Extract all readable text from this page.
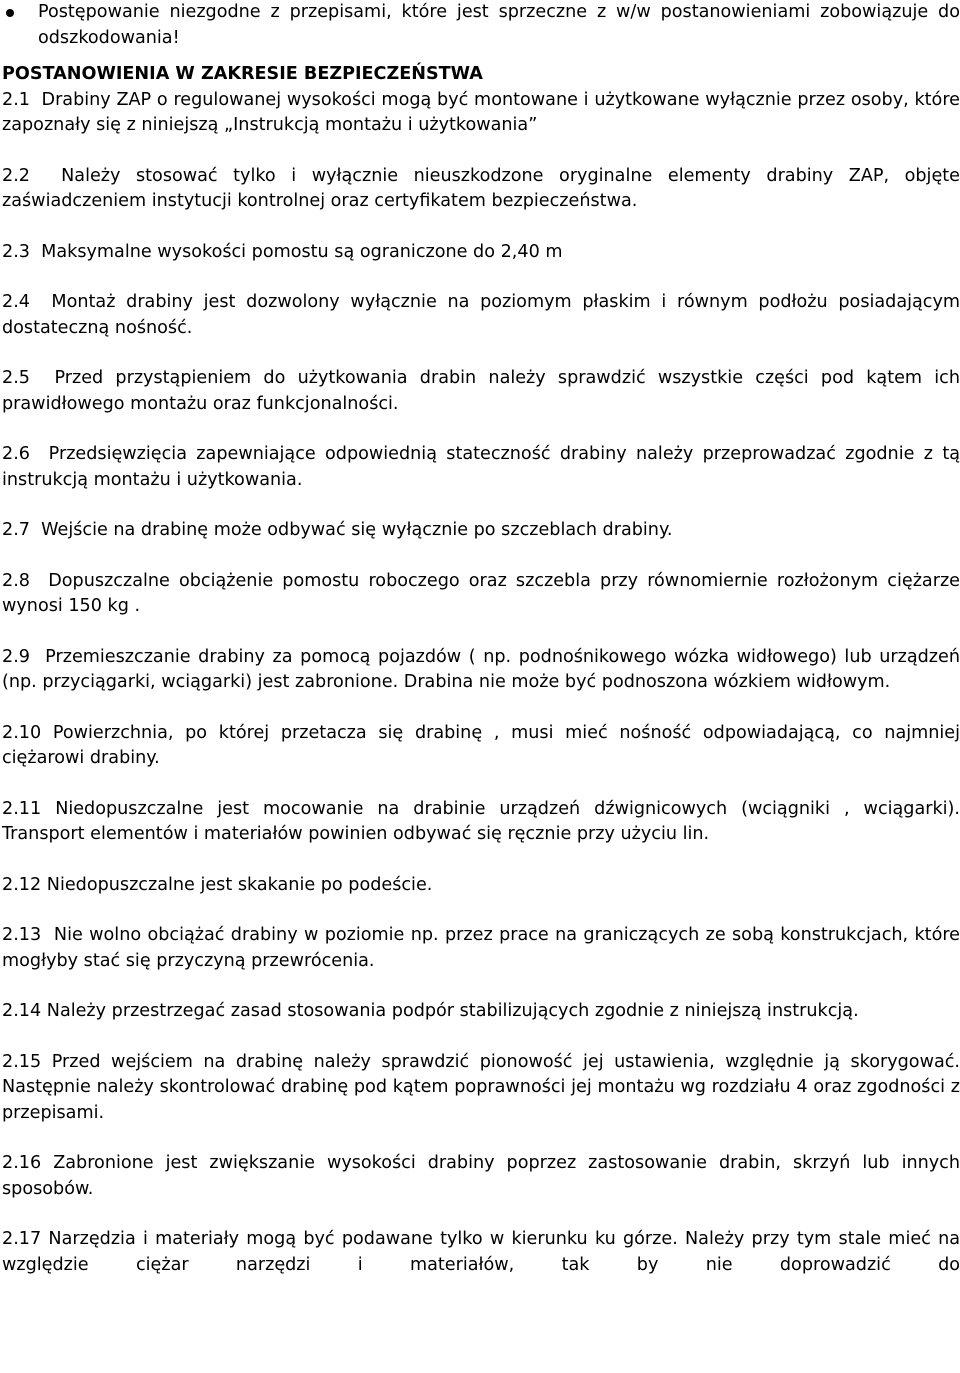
Postępowanie niezgodne z przepisami, które jest sprzeczne z w/w postanowieniami zobowiązuje do odszkodowania!
POSTANOWIENIA W ZAKRESIE BEZPIECZEŃSTWA

2.1 Drabiny ZAP o regulowanej wysokości mogą być montowane i użytkowane wyłącznie przez osoby, które zapoznały się z niniejszą „Instrukcją montażu i użytkowania”

2.2 Należy stosować tylko i wyłącznie nieuszkodzone oryginalne elementy drabiny ZAP, objęte zaświadczeniem instytucji kontrolnej oraz certyfikatem bezpieczeństwa.

2.3 Maksymalne wysokości pomostu są ograniczone do 2,40 m

2.4 Montaż drabiny jest dozwolony wyłącznie na poziomym płaskim i równym podłożu posiadającym dostateczną nośność.

2.5 Przed przystąpieniem do użytkowania drabin należy sprawdzić wszystkie części pod kątem ich prawidłowego montażu oraz funkcjonalności.

2.6 Przedsięwzięcia zapewniające odpowiednią stateczność drabiny należy przeprowadzać zgodnie z tą instrukcją montażu i użytkowania.

2.7 Wejście na drabinę może odbywać się wyłącznie po szczeblach drabiny.

2.8 Dopuszczalne obciążenie pomostu roboczego oraz szczebla przy równomiernie rozłożonym ciężarze wynosi 150 kg .

2.9 Przemieszczanie drabiny za pomocą pojazdów ( np. podnośnikowego wózka widłowego) lub urządzeń (np. przyciągarki, wciągarki) jest zabronione. Drabina nie może być podnoszona wózkiem widłowym.

2.10 Powierzchnia, po której przetacza się drabinę , musi mieć nośność odpowiadającą, co najmniej ciężarowi drabiny.

2.11 Niedopuszczalne jest mocowanie na drabinie urządzeń dźwignicowych (wciągniki , wciągarki). Transport elementów i materiałów powinien odbywać się ręcznie przy użyciu lin.

2.12 Niedopuszczalne jest skakanie po podeście.

2.13 Nie wolno obciążać drabiny w poziomie np. przez prace na graniczących ze sobą konstrukcjach, które mogłyby stać się przyczyną przewrócenia.

2.14 Należy przestrzegać zasad stosowania podpór stabilizujących zgodnie z niniejszą instrukcją.

2.15 Przed wejściem na drabinę należy sprawdzić pionowość jej ustawienia, względnie ją skorygować. Następnie należy skontrolować drabinę pod kątem poprawności jej montażu wg rozdziału 4 oraz zgodności z przepisami.

2.16 Zabronione jest zwiększanie wysokości drabiny poprzez zastosowanie drabin, skrzyń lub innych sposobów.

2.17 Narzędzia i materiały mogą być podawane tylko w kierunku ku górze. Należy przy tym stale mieć na względzie ciężar narzędzi i materiałów, tak by nie doprowadzić do
